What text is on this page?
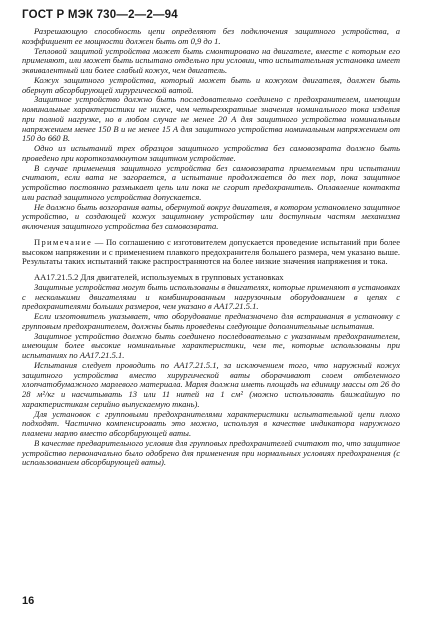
ГОСТ Р МЭК 730—2—2—94

Разрешающую способность цепи определяют без подключения защитного устройства, а коэффициент ее мощности должен быть от 0,9 до 1.

Тепловой защитой устройства может быть смонтировано на двигателе, вместе с которым его применяют, или может быть испытано отдельно при условии, что испытательная установка имеет эквивалентный или более слабый кожух, чем двигатель.

Кожух защитного устройства, который может быть и кожухом двигателя, должен быть обернут абсорбирующей хирургической ватой.

Защитное устройство должно быть последовательно соединено с предохранителем, имеющим номинальные характеристики не ниже, чем четырехкратные значения номинального тока изделия при полной нагрузке, но в любом случае не менее 20 А для защитного устройства номинальным напряжением менее 150 В и не менее 15 А для защитного устройства номинальным напряжением от 150 до 660 В.

Одно из испытаний трех образцов защитного устройства без самовозврата должно быть проведено при короткозамкнутом защитном устройстве.

В случае применения защитного устройства без самовозврата приемлемым при испытании считают, если вата не загорается, а испытание продолжается до тех пор, пока защитное устройство постоянно размыкает цепь или пока не сгорит предохранитель. Оплавление контакта или распад защитного устройства допускается.

Не должно быть возгорания ваты, обернутой вокруг двигателя, в котором установлено защитное устройство, и создающей кожух защитному устройству или доступным частям механизма включения защитного устройства без самовозврата.

Примечание — По соглашению с изготовителем допускается проведение испытаний при более высоком напряжении и с применением плавкого предохранителя большего размера, чем указано выше. Результаты таких испытаний также распространяются на более низкие значения напряжения и тока.

АА17.21.5.2 Для двигателей, используемых в групповых установках

Защитные устройства могут быть использованы в двигателях, которые применяют в установках с несколькими двигателями и комбинированным нагрузочным оборудованием в цепях с предохранителями больших размеров, чем указано в АА17.21.5.1.

Если изготовитель указывает, что оборудование предназначено для встраивания в установку с групповым предохранителем, должны быть проведены следующие дополнительные испытания.

Защитное устройство должно быть соединено последовательно с указанным предохранителем, имеющим более высокие номинальные характеристики, чем те, которые использованы при испытаниях по АА17.21.5.1.

Испытания следует проводить по АА17.21.5.1, за исключением того, что наружный кожух защитного устройства вместо хирургической ваты оборачивают слоем отбеленного хлопчатобумажного марлевого материала. Марля должна иметь площадь на единицу массы от 26 до 28 м²/кг и насчитывать 13 или 11 нитей на 1 см² (можно использовать ближайшую по характеристикам серийно выпускаемую ткань).

Для установок с групповыми предохранителями характеристики испытательной цепи плохо подходят. Частично компенсировать это можно, используя в качестве индикатора наружного пламени марлю вместо абсорбирующей ваты.

В качестве предварительного условия для групповых предохранителей считают то, что защитное устройство первоначально было одобрено для применения при нормальных условиях предохранения (с использованием абсорбирующей ваты).

16
